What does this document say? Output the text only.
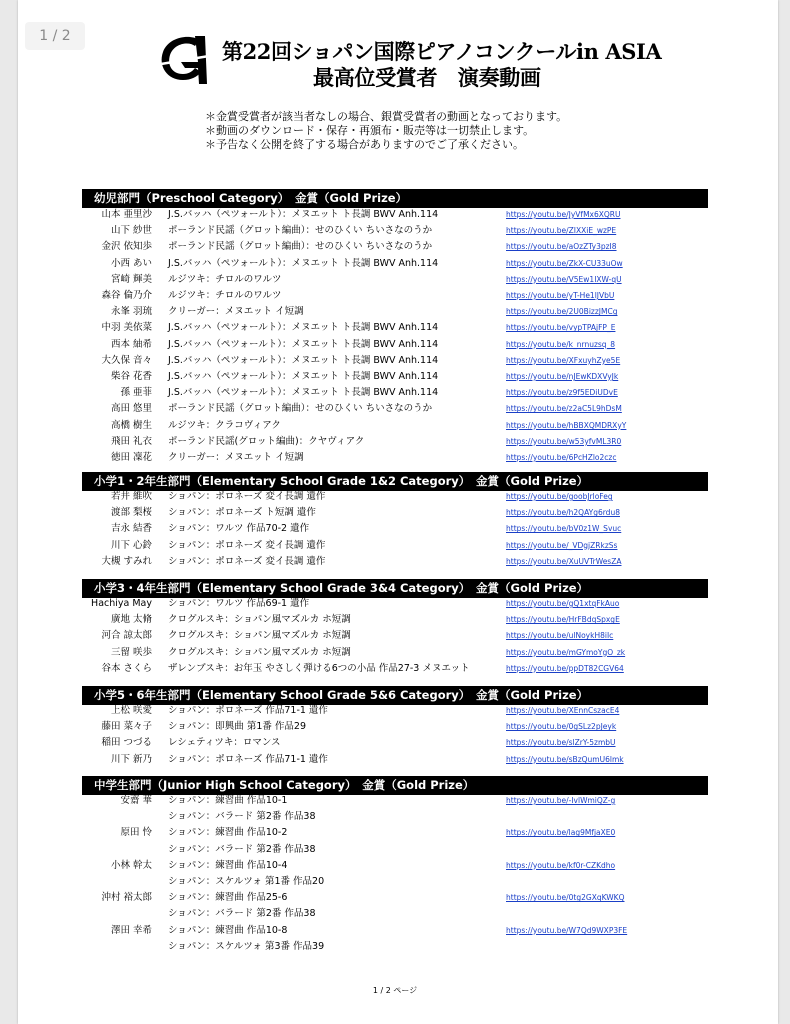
1 / 2
第22回ショパン国際ピアノコンクールin ASIA
最高位受賞者　演奏動画
＊金賞受賞者が該当者なしの場合、銀賞受賞者の動画となっております。
＊動画のダウンロード・保存・再頒布・販売等は一切禁止します。
＊予告なく公開を終了する場合がありますのでご了承ください。
幼児部門（Preschool Category）　金賞（Gold Prize）
山本 亜里沙 J.S.バッハ（ペツォールト）：メヌエット ト長調 BWV Anh.114	https://youtu.be/JyVfMx6XQRU
山下 紗世 ポーランド民謡（グロット編曲）：せのひくい ちいさなのうか	https://youtu.be/ZIXXiE_wzPE
金沢 依知歩 ポーランド民謡（グロット編曲）：せのひくい ちいさなのうか	https://youtu.be/aOzZTy3pzI8
小西 あい J.S.バッハ（ペツォールト）：メヌエット ト長調 BWV Anh.114	https://youtu.be/ZkX-CU33uOw
宮崎 輝美 ルジツキ：チロルのワルツ	https://youtu.be/V5Ew1IXW-qU
森谷 倫乃介 ルジツキ：チロルのワルツ	https://youtu.be/yT-He1lJVbU
永峯 羽琉 クリーガー：メヌエット イ短調	https://youtu.be/2U0BizzJMCg
中羽 美依菜 J.S.バッハ（ペツォールト）：メヌエット ト長調 BWV Anh.114	https://youtu.be/vypTPAjFP_E
西本 紬希 J.S.バッハ（ペツォールト）：メヌエット ト長調 BWV Anh.114	https://youtu.be/k_nrnuzsq_8
大久保 音々 J.S.バッハ（ペツォールト）：メヌエット ト長調 BWV Anh.114	https://youtu.be/XFxuyhZye5E
柴谷 花香 J.S.バッハ（ペツォールト）：メヌエット ト長調 BWV Anh.114	https://youtu.be/nJEwKDXVyJk
孫 亜菲 J.S.バッハ（ペツォールト）：メヌエット ト長調 BWV Anh.114	https://youtu.be/z9f5EDiUDvE
高田 悠里 ポーランド民謡（グロット編曲）：せのひくい ちいさなのうか	https://youtu.be/z2aC5L9hDsM
高橋 樹生 ルジツキ：クラコヴィアク	https://youtu.be/hBBXQMDRXyY
飛田 礼衣 ポーランド民謡(グロット編曲)：クヤヴィアク	https://youtu.be/w53yfvML3R0
徳田 凜花 クリーガー：メヌエット イ短調	https://youtu.be/6PcHZlo2czc
小学1・2年生部門（Elementary School Grade 1&2 Category）　金賞（Gold Prize）
若井 維吹 ショパン：ポロネーズ 変イ長調 遺作	https://youtu.be/goobJrloFeg
渡部 梨桜 ショパン：ポロネーズ ト短調 遺作	https://youtu.be/h2QAYg6rdu8
吉永 結香 ショパン：ワルツ 作品70-2 遺作	https://youtu.be/bV0z1W_Svuc
川下 心鈴 ショパン：ポロネーズ 変イ長調 遺作	https://youtu.be/_VDgjZRkzSs
大槻 すみれ ショパン：ポロネーズ 変イ長調 遺作	https://youtu.be/XuUVTrWesZA
小学3・4年生部門（Elementary School Grade 3&4 Category）　金賞（Gold Prize）
Hachiya May ショパン：ワルツ 作品69-1 遺作	https://youtu.be/gQ1xtqFkAuo
廣地 太脩 クログルスキ：ショパン風マズルカ ホ短調	https://youtu.be/HrFBdqSpxgE
河合 諒太郎 クログルスキ：ショパン風マズルカ ホ短調	https://youtu.be/ulNoykH8iIc
三留 咲歩 クログルスキ：ショパン風マズルカ ホ短調	https://youtu.be/mGYmoYgO_zk
谷本 さくら ザレンブスキ：お年玉 やさしく弾ける6つの小品 作品27-3 メヌエット	https://youtu.be/ppDT82CGV64
小学5・6年生部門（Elementary School Grade 5&6 Category）　金賞（Gold Prize）
上松 咲愛 ショパン：ポロネーズ 作品71-1 遺作	https://youtu.be/XEnnCszacE4
藤田 菜々子 ショパン：即興曲 第1番 作品29	https://youtu.be/0gSLz2pJeyk
稲田 つづる レシェティツキ：ロマンス	https://youtu.be/slZrY-5zmbU
川下 新乃 ショパン：ポロネーズ 作品71-1 遺作	https://youtu.be/sBzQumU6lmk
中学生部門（Junior High School Category）　金賞（Gold Prize）
安齋 華 ショパン：練習曲 作品10-1	https://youtu.be/-IvlWmiQZ-g
ショパン：バラード 第2番 作品38
原田 怜 ショパン：練習曲 作品10-2	https://youtu.be/lag9MfjaXE0
ショパン：バラード 第2番 作品38
小林 幹太 ショパン：練習曲 作品10-4	https://youtu.be/kf0r-CZKdho
ショパン：スケルツォ 第1番 作品20
沖村 裕太郎 ショパン：練習曲 作品25-6	https://youtu.be/0tg2GXqKWKQ
ショパン：バラード 第2番 作品38
澤田 幸希 ショパン：練習曲 作品10-8	https://youtu.be/W7Qd9WXP3FE
ショパン：スケルツォ 第3番 作品39
1 / 2 ページ
